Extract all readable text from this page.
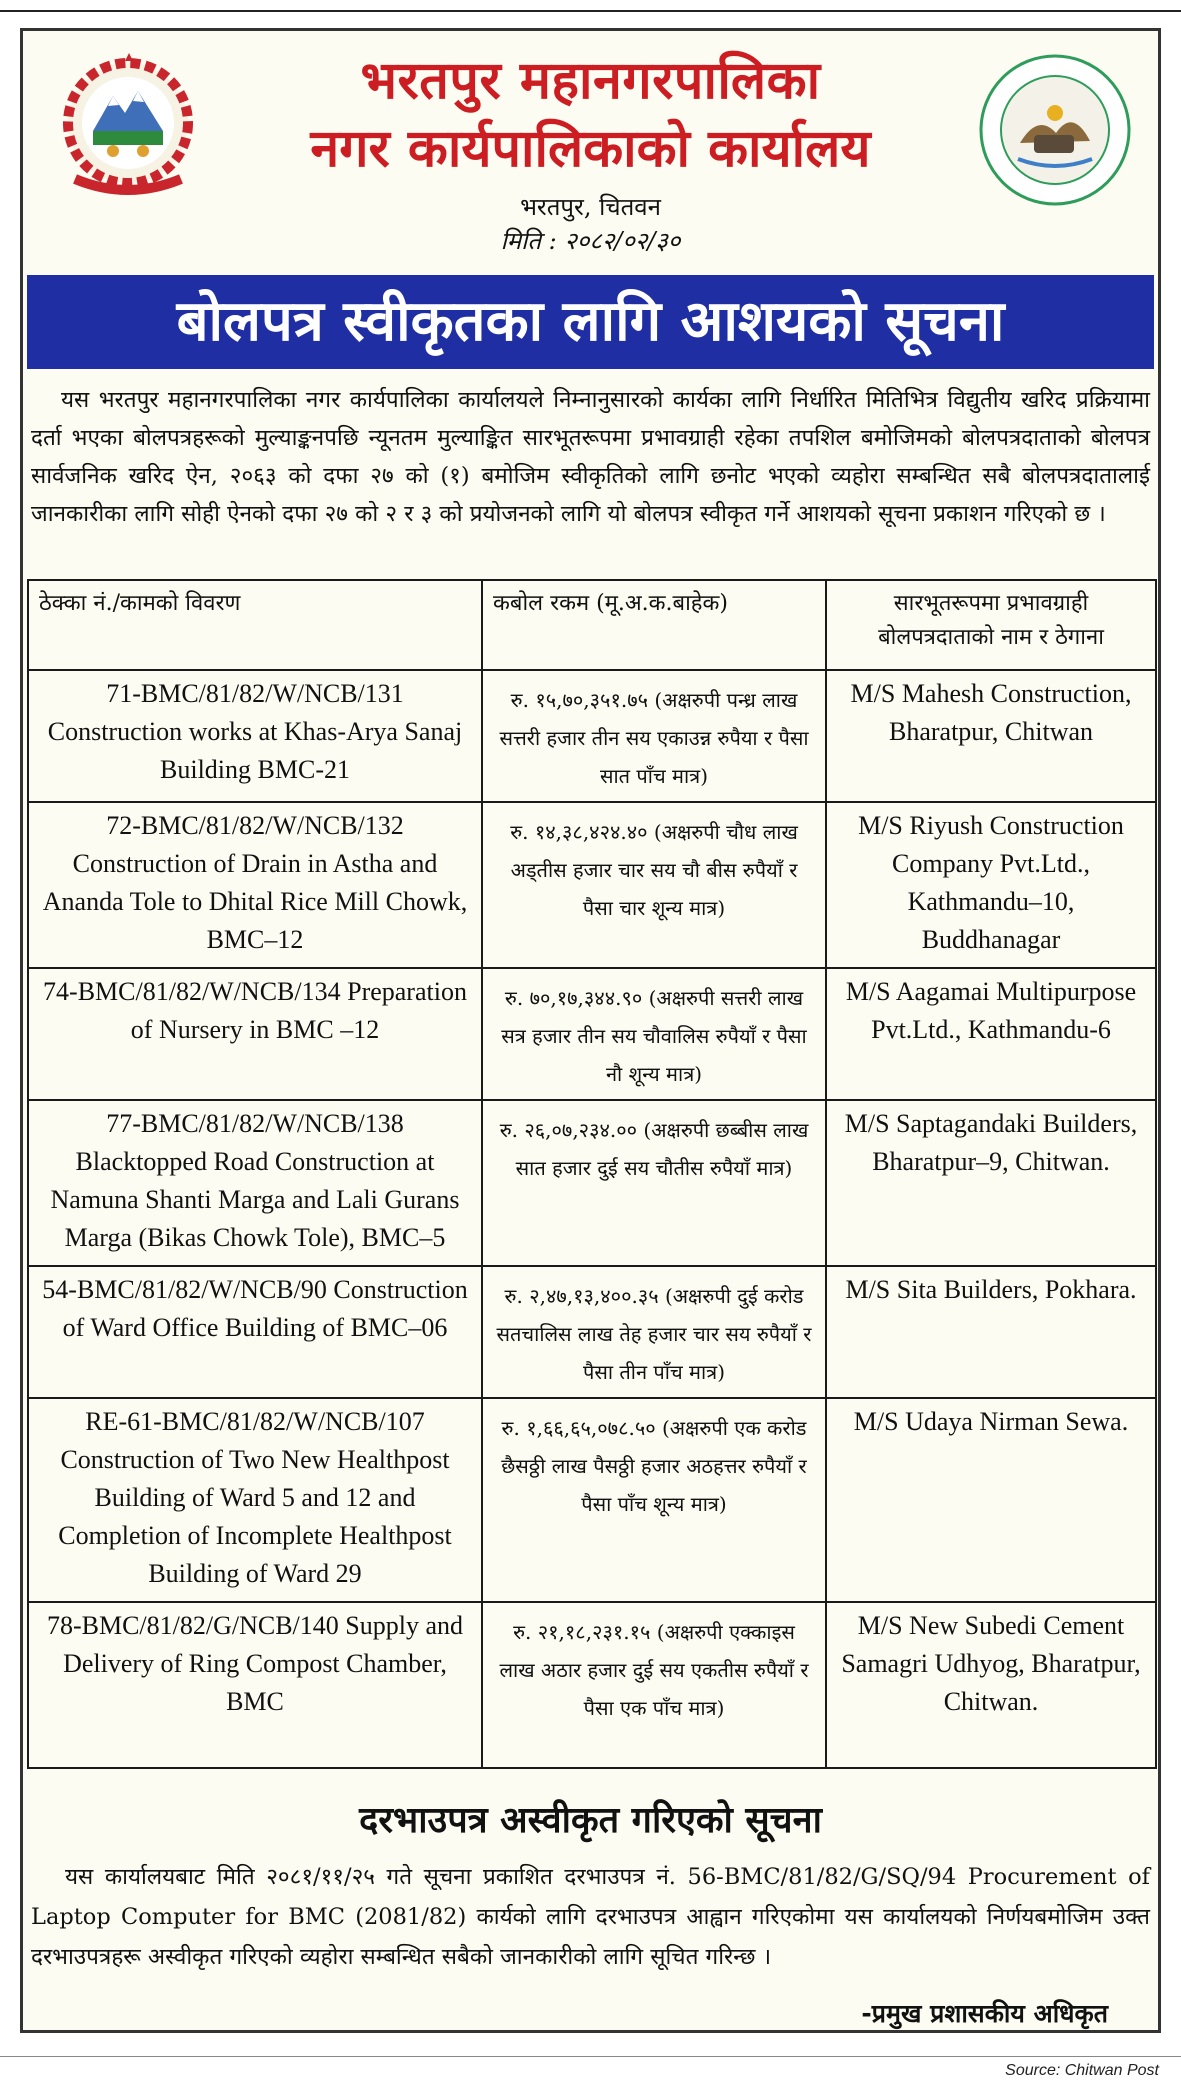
भरतपुर महानगरपालिका
नगर कार्यपालिकाको कार्यालय
भरतपुर, चितवन
मिति : २०८२/०२/३०
बोलपत्र स्वीकृतका लागि आशयको सूचना
यस भरतपुर महानगरपालिका नगर कार्यपालिका कार्यालयले निम्नानुसारको कार्यका लागि निर्धारित मितिभित्र विद्युतीय खरिद प्रक्रियामा दर्ता भएका बोलपत्रहरूको मुल्याङ्कनपछि न्यूनतम मुल्याङ्कित सारभूतरूपमा प्रभावग्राही रहेका तपशिल बमोजिमको बोलपत्रदाताको बोलपत्र सार्वजनिक खरिद ऐन, २०६३ को दफा २७ को (१) बमोजिम स्वीकृतिको लागि छनोट भएको व्यहोरा सम्बन्धित सबै बोलपत्रदातालाई जानकारीका लागि सोही ऐनको दफा २७ को २ र ३ को प्रयोजनको लागि यो बोलपत्र स्वीकृत गर्ने आशयको सूचना प्रकाशन गरिएको छ ।
ठेक्का नं./कामको विवरण	कबोल रकम (मू.अ.क.बाहेक)	सारभूतरूपमा प्रभावग्राही बोलपत्रदाताको नाम र ठेगाना
71-BMC/81/82/W/NCB/131 Construction works at Khas-Arya Sanaj Building BMC-21	रु. १५,७०,३५१.७५ (अक्षरुपी पन्ध्र लाख सत्तरी हजार तीन सय एकाउन्न रुपैया र पैसा सात पाँच मात्र)	M/S Mahesh Construction, Bharatpur, Chitwan
72-BMC/81/82/W/NCB/132 Construction of Drain in Astha and Ananda Tole to Dhital Rice Mill Chowk, BMC–12	रु. १४,३८,४२४.४० (अक्षरुपी चौध लाख अड्तीस हजार चार सय चौ बीस रुपैयाँ र पैसा चार शून्य मात्र)	M/S Riyush Construction Company Pvt.Ltd., Kathmandu–10, Buddhanagar
74-BMC/81/82/W/NCB/134 Preparation of Nursery in BMC –12	रु. ७०,१७,३४४.९० (अक्षरुपी सत्तरी लाख सत्र हजार तीन सय चौवालिस रुपैयाँ र पैसा नौ शून्य मात्र)	M/S Aagamai Multipurpose Pvt.Ltd., Kathmandu-6
77-BMC/81/82/W/NCB/138 Blacktopped Road Construction at Namuna Shanti Marga and Lali Gurans Marga (Bikas Chowk Tole), BMC–5	रु. २६,०७,२३४.०० (अक्षरुपी छब्बीस लाख सात हजार दुई सय चौतीस रुपैयाँ मात्र)	M/S Saptagandaki Builders, Bharatpur–9, Chitwan.
54-BMC/81/82/W/NCB/90 Construction of Ward Office Building of BMC–06	रु. २,४७,१३,४००.३५ (अक्षरुपी दुई करोड सतचालिस लाख तेह हजार चार सय रुपैयाँ र पैसा तीन पाँच मात्र)	M/S Sita Builders, Pokhara.
RE-61-BMC/81/82/W/NCB/107 Construction of Two New Healthpost Building of Ward 5 and 12 and Completion of Incomplete Healthpost Building of Ward 29	रु. १,६६,६५,०७८.५० (अक्षरुपी एक करोड छैसठ्ठी लाख पैसठ्ठी हजार अठहत्तर रुपैयाँ र पैसा पाँच शून्य मात्र)	M/S Udaya Nirman Sewa.
78-BMC/81/82/G/NCB/140 Supply and Delivery of Ring Compost Chamber, BMC	रु. २१,१८,२३१.१५ (अक्षरुपी एक्काइस लाख अठार हजार दुई सय एकतीस रुपैयाँ र पैसा एक पाँच मात्र)	M/S New Subedi Cement Samagri Udhyog, Bharatpur, Chitwan.
दरभाउपत्र अस्वीकृत गरिएको सूचना
यस कार्यालयबाट मिति २०८१/११/२५ गते सूचना प्रकाशित दरभाउपत्र नं. 56-BMC/81/82/G/SQ/94 Procurement of Laptop Computer for BMC (2081/82) कार्यको लागि दरभाउपत्र आह्वान गरिएकोमा यस कार्यालयको निर्णयबमोजिम उक्त दरभाउपत्रहरू अस्वीकृत गरिएको व्यहोरा सम्बन्धित सबैको जानकारीको लागि सूचित गरिन्छ ।
-प्रमुख प्रशासकीय अधिकृत
Source: Chitwan Post
